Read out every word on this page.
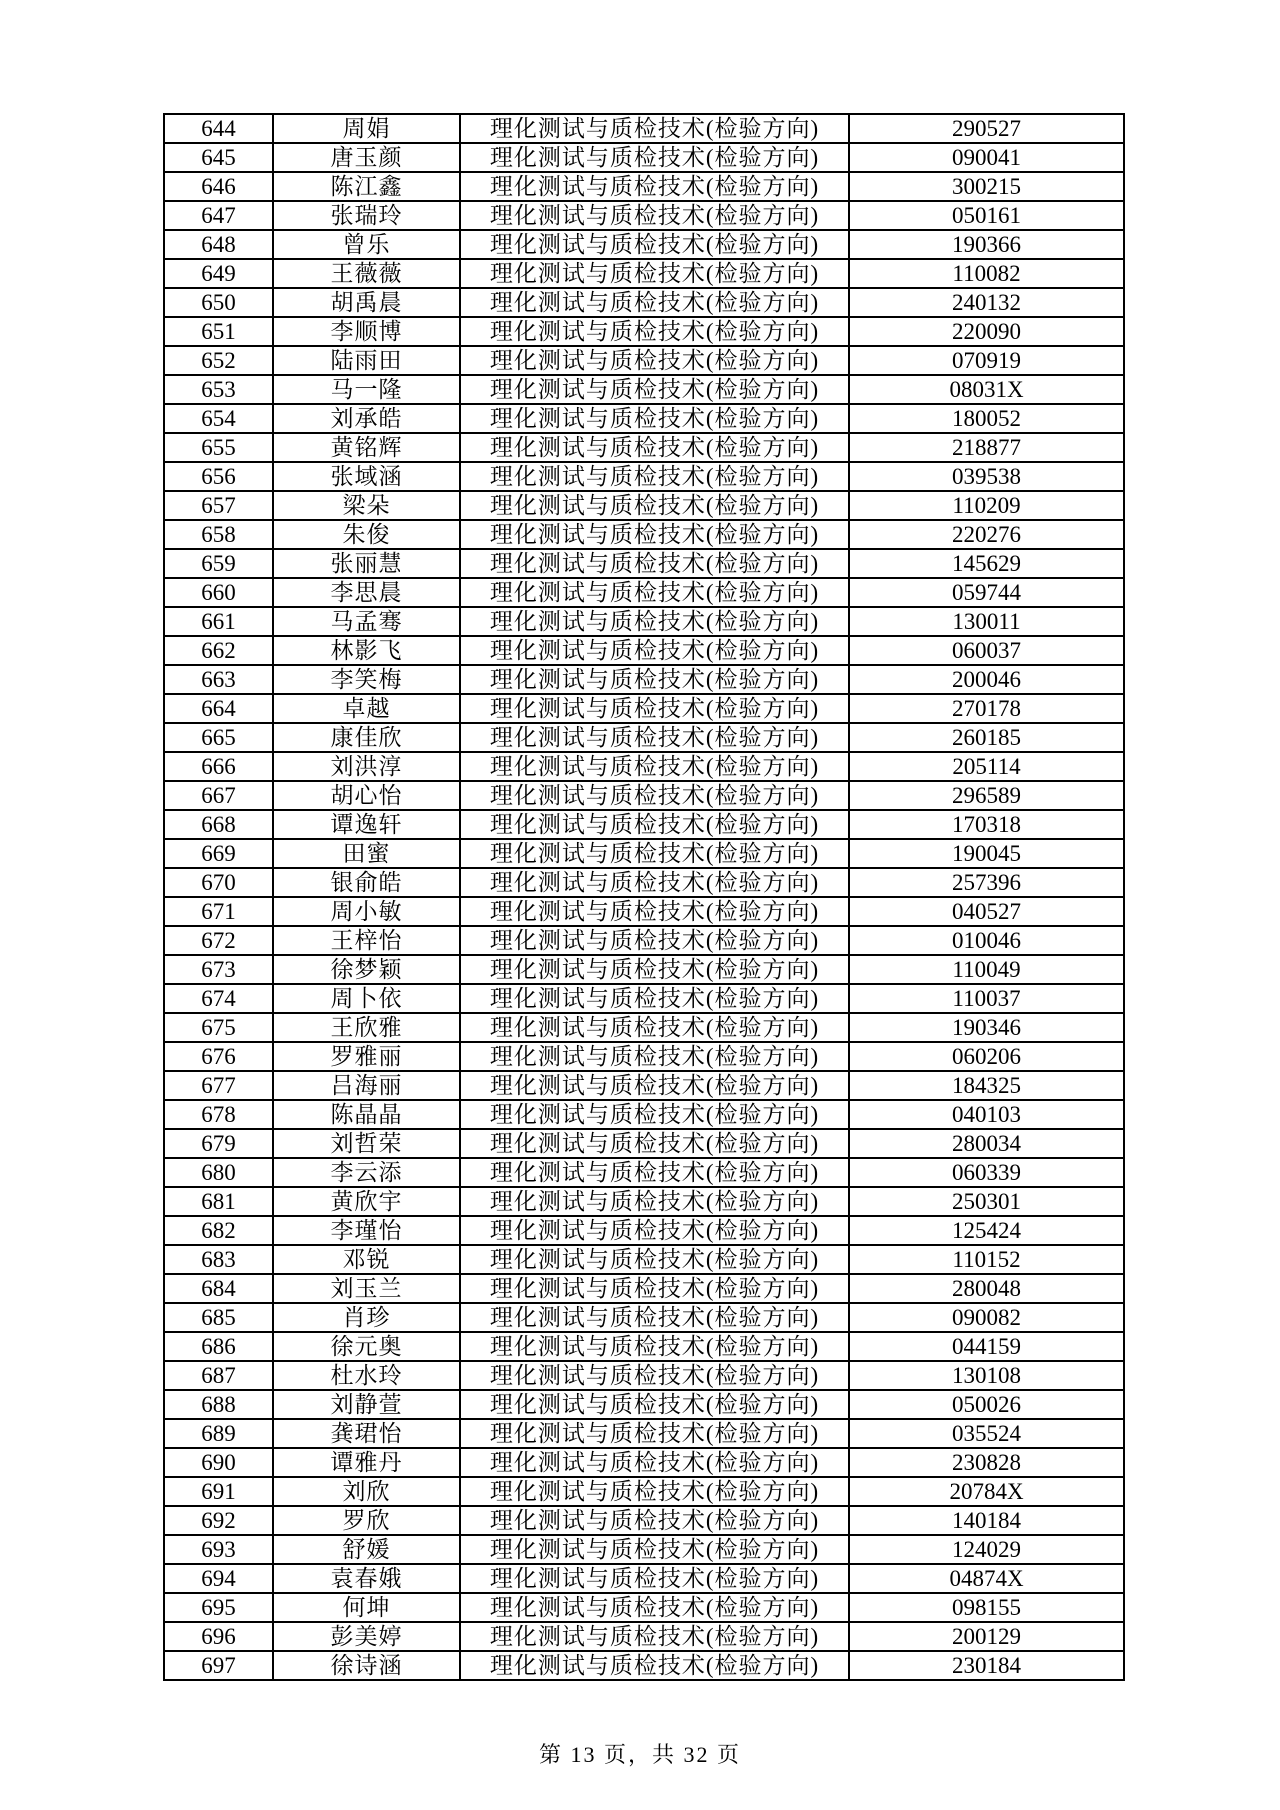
644	周娟	理化测试与质检技术(检验方向)	290527
645	唐玉颜	理化测试与质检技术(检验方向)	090041
646	陈江鑫	理化测试与质检技术(检验方向)	300215
647	张瑞玲	理化测试与质检技术(检验方向)	050161
648	曾乐	理化测试与质检技术(检验方向)	190366
649	王薇薇	理化测试与质检技术(检验方向)	110082
650	胡禹晨	理化测试与质检技术(检验方向)	240132
651	李顺博	理化测试与质检技术(检验方向)	220090
652	陆雨田	理化测试与质检技术(检验方向)	070919
653	马一隆	理化测试与质检技术(检验方向)	08031X
654	刘承皓	理化测试与质检技术(检验方向)	180052
655	黄铭辉	理化测试与质检技术(检验方向)	218877
656	张域涵	理化测试与质检技术(检验方向)	039538
657	梁朵	理化测试与质检技术(检验方向)	110209
658	朱俊	理化测试与质检技术(检验方向)	220276
659	张丽慧	理化测试与质检技术(检验方向)	145629
660	李思晨	理化测试与质检技术(检验方向)	059744
661	马孟骞	理化测试与质检技术(检验方向)	130011
662	林影飞	理化测试与质检技术(检验方向)	060037
663	李笑梅	理化测试与质检技术(检验方向)	200046
664	卓越	理化测试与质检技术(检验方向)	270178
665	康佳欣	理化测试与质检技术(检验方向)	260185
666	刘洪淳	理化测试与质检技术(检验方向)	205114
667	胡心怡	理化测试与质检技术(检验方向)	296589
668	谭逸轩	理化测试与质检技术(检验方向)	170318
669	田蜜	理化测试与质检技术(检验方向)	190045
670	银俞皓	理化测试与质检技术(检验方向)	257396
671	周小敏	理化测试与质检技术(检验方向)	040527
672	王梓怡	理化测试与质检技术(检验方向)	010046
673	徐梦颖	理化测试与质检技术(检验方向)	110049
674	周卜依	理化测试与质检技术(检验方向)	110037
675	王欣雅	理化测试与质检技术(检验方向)	190346
676	罗雅丽	理化测试与质检技术(检验方向)	060206
677	吕海丽	理化测试与质检技术(检验方向)	184325
678	陈晶晶	理化测试与质检技术(检验方向)	040103
679	刘哲荣	理化测试与质检技术(检验方向)	280034
680	李云添	理化测试与质检技术(检验方向)	060339
681	黄欣宇	理化测试与质检技术(检验方向)	250301
682	李瑾怡	理化测试与质检技术(检验方向)	125424
683	邓锐	理化测试与质检技术(检验方向)	110152
684	刘玉兰	理化测试与质检技术(检验方向)	280048
685	肖珍	理化测试与质检技术(检验方向)	090082
686	徐元奥	理化测试与质检技术(检验方向)	044159
687	杜水玲	理化测试与质检技术(检验方向)	130108
688	刘静萱	理化测试与质检技术(检验方向)	050026
689	龚珺怡	理化测试与质检技术(检验方向)	035524
690	谭雅丹	理化测试与质检技术(检验方向)	230828
691	刘欣	理化测试与质检技术(检验方向)	20784X
692	罗欣	理化测试与质检技术(检验方向)	140184
693	舒媛	理化测试与质检技术(检验方向)	124029
694	袁春娥	理化测试与质检技术(检验方向)	04874X
695	何坤	理化测试与质检技术(检验方向)	098155
696	彭美婷	理化测试与质检技术(检验方向)	200129
697	徐诗涵	理化测试与质检技术(检验方向)	230184
第 13 页，共 32 页
